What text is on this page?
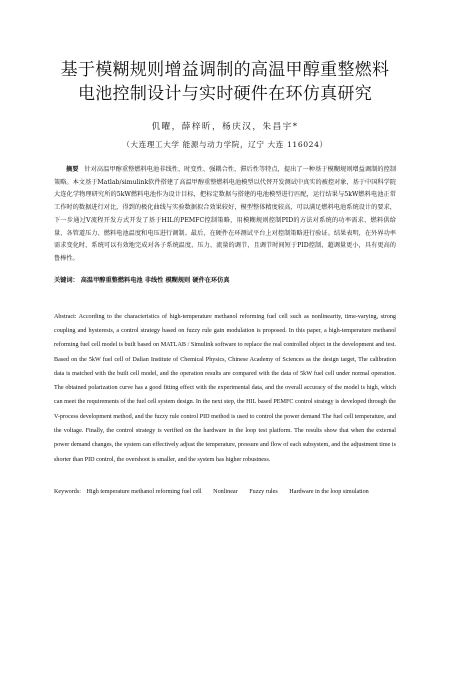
基于模糊规则增益调制的高温甲醇重整燃料电池控制设计与实时硬件在环仿真研究
仉曜，薛梓昕，杨庆汉，朱昌宇*
（大连理工大学 能源与动力学院，辽宁 大连 116024）

摘要 针对高温甲醇重整燃料电池非线性、时变性、强耦合性、滞后性等特点，提出了一种基于模糊规则增益调制的控制策略。本文基于Matlab/simulink软件搭建了高温甲醇重整燃料电池模型以代替开发测试中真实的被控对象，基于中国科学院大连化学物理研究所的5kW燃料电池作为设计目标，把标定数据与搭建的电池模型进行匹配，运行结果与5kW燃料电池正常工作时的数据进行对比，得到的极化曲线与实验数据拟合效果较好，模型整体精度较高，可以满足燃料电池系统设计的要求，下一步通过V流程开发方式开发了基于HIL的PEMFC控制策略，用模糊规则控制PID的方法对系统的功率需求、燃料供给量、各管道压力、燃料电池温度和电压进行调制。最后，在硬件在环测试平台上对控制策略进行验证。结果表明，在外界功率需求变化时，系统可以有效地完成对各子系统温度、压力、流量的调节，且调节时间短于PID控制，超调量更小，具有更高的鲁棒性。

关键词： 高温甲醇重整燃料电池 非线性 模糊规则 硬件在环仿真

Abstract: According to the characteristics of high-temperature methanol reforming fuel cell such as nonlinearity, time-varying, strong coupling and hysteresis, a control strategy based on fuzzy rule gain modulation is proposed. In this paper, a high-temperature methanol reforming fuel cell model is built based on MATLAB / Simulink software to replace the real controlled object in the development and test. Based on the 5kW fuel cell of Dalian Institute of Chemical Physics, Chinese Academy of Sciences as the design target, The calibration data is matched with the built cell model, and the operation results are compared with the data of 5kW fuel cell under normal operation. The obtained polarization curve has a good fitting effect with the experimental data, and the overall accuracy of the model is high, which can meet the requirements of the fuel cell system design. In the next step, the HIL based PEMFC control strategy is developed through the V-process development method, and the fuzzy rule control PID method is used to control the power demand The fuel cell temperature, and the voltage. Finally, the control strategy is verified on the hardware in the loop test platform. The results show that when the external power demand changes, the system can effectively adjust the temperature, pressure and flow of each subsystem, and the adjustment time is shorter than PID control, the overshoot is smaller, and the system has higher robustness.

Keywords: High temperature methanol reforming fuel cell Nonlinear Fuzzy rules Hardware in the loop simulation
